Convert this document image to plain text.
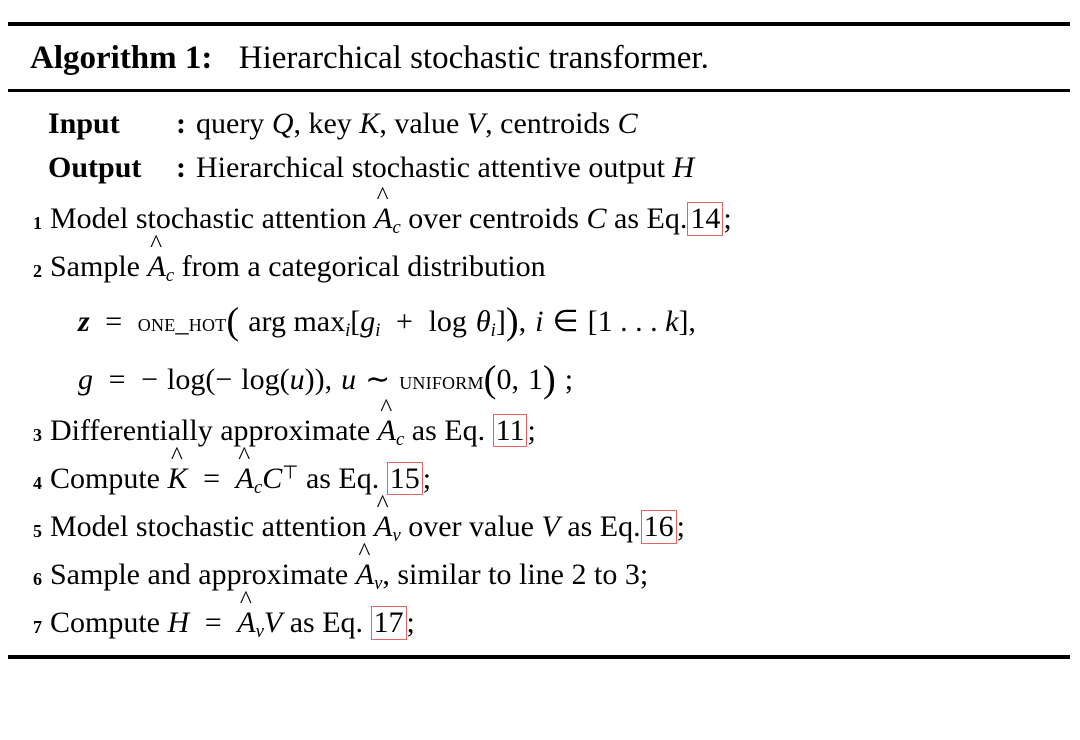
Algorithm 1: Hierarchical stochastic transformer.
Input	: query Q, key K, value V, centroids C
Output	: Hierarchical stochastic attentive output H
1 Model stochastic attention
^
$A_c$ over centroids C as Eq. 14 ;
2 Sample
^
$A_c$ from a categorical distribution
z = one_hot( arg $\max_i[g_i + \log \theta_i]$), i ∈ [1 . . . k],
g = − log(− log(u)), u ∼ uniform(0, 1) ;
3 Differentially approximate
^
$A_c$ as Eq. 11 ;
4 Compute
^
K =
^
$A_cC^⊤$ as Eq. 15 ;
5 Model stochastic attention
^
$A_v$ over value V as Eq. 16 ;
6 Sample and approximate
^
$A_v$, similar to line 2 to 3;
7 Compute H =
^
$A_vV$ as Eq. 17 ;
